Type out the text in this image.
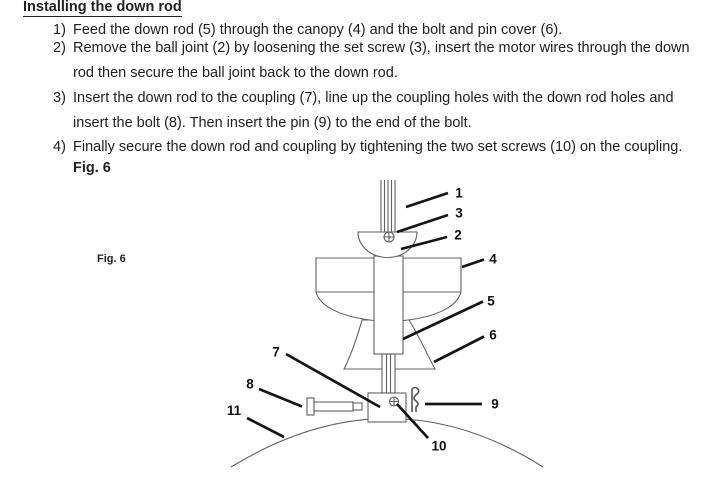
Installing the down rod
1) Feed the down rod (5) through the canopy (4) and the bolt and pin cover (6).
2) Remove the ball joint (2) by loosening the set screw (3), insert the motor wires through the down
rod then secure the ball joint back to the down rod.
3) Insert the down rod to the coupling (7), line up the coupling holes with the down rod holes and
insert the bolt (8). Then insert the pin (9) to the end of the bolt.
4) Finally secure the down rod and coupling by tightening the two set screws (10) on the coupling.
Fig. 6
Fig. 6
1
3
2
4
5
6
9
7
8
11
10
